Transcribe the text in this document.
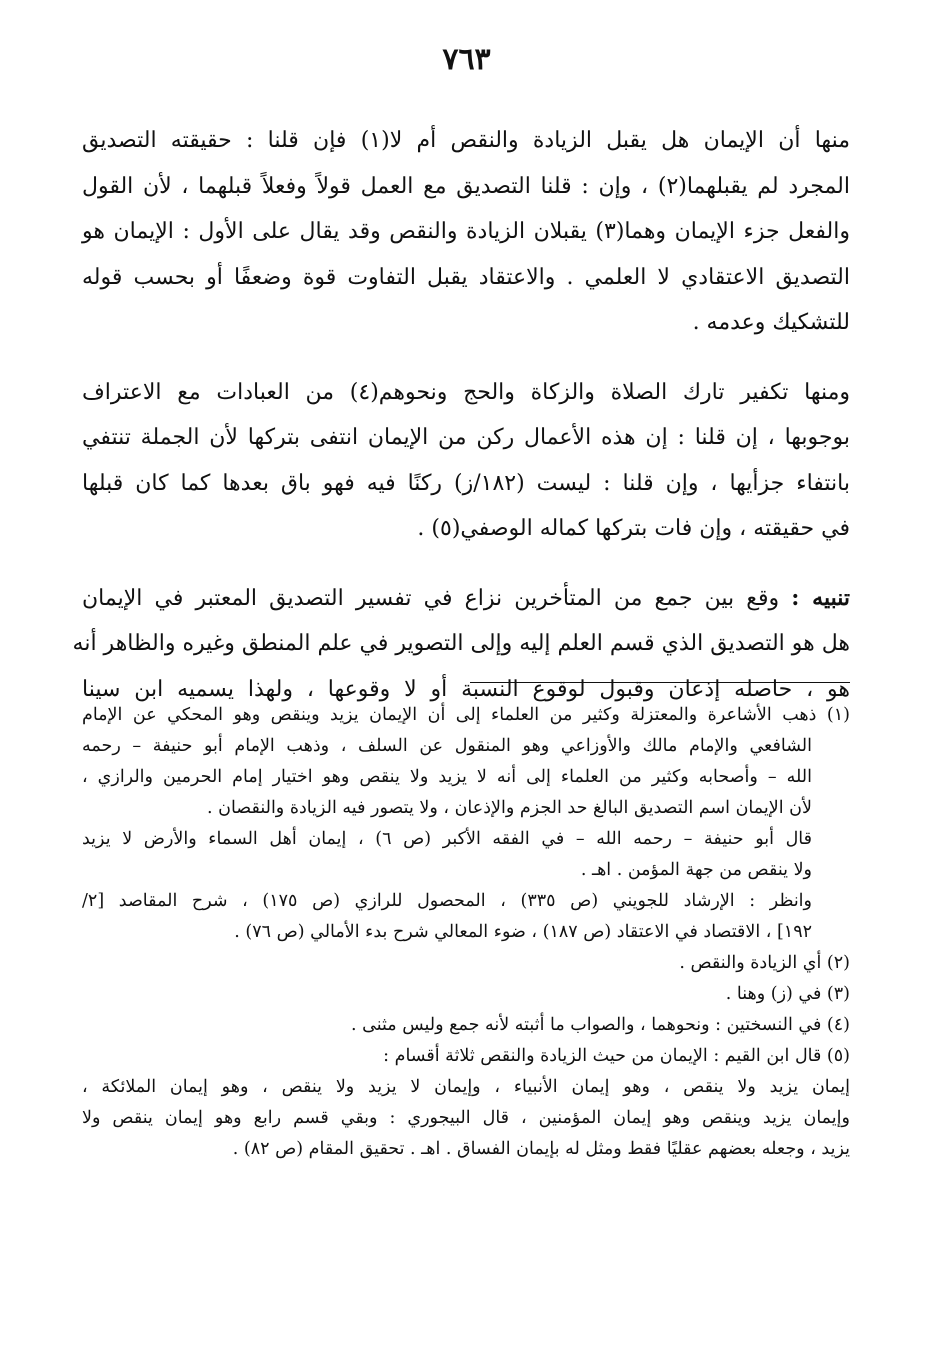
٧٦٣
منها أن الإيمان هل يقبل الزيادة والنقص أم لا(١) فإن قلنا : حقيقته التصديق
المجرد لم يقبلهما(٢) ، وإن : قلنا التصديق مع العمل قولاً وفعلاً قبلهما ، لأن القول
والفعل جزء الإيمان وهما(٣) يقبلان الزيادة والنقص وقد يقال على الأول : الإيمان هو
التصديق الاعتقادي لا العلمي . والاعتقاد يقبل التفاوت قوة وضعفًا أو بحسب قوله
للتشكيك وعدمه .
ومنها تكفير تارك الصلاة والزكاة والحج ونحوهم(٤) من العبادات مع الاعتراف
بوجوبها ، إن قلنا : إن هذه الأعمال ركن من الإيمان انتفى بتركها لأن الجملة تنتفي
بانتفاء جزأيها ، وإن قلنا : ليست (١٨٢/ز) ركنًا فيه فهو باق بعدها كما كان قبلها
في حقيقته ، وإن فات بتركها كماله الوصفي(٥) .
تنبيه : وقع بين جمع من المتأخرين نزاع في تفسير التصديق المعتبر في الإيمان
هل هو التصديق الذي قسم العلم إليه وإلى التصوير في علم المنطق وغيره والظاهر أنه
هو ، حاصله إذعان وقبول لوقوع النسبة أو لا وقوعها ، ولهذا يسميه ابن سينا
(١) ذهب الأشاعرة والمعتزلة وكثير من العلماء إلى أن الإيمان يزيد وينقص وهو المحكي عن الإمام
الشافعي والإمام مالك والأوزاعي وهو المنقول عن السلف ، وذهب الإمام أبو حنيفة – رحمه
الله – وأصحابه وكثير من العلماء إلى أنه لا يزيد ولا ينقص وهو اختيار إمام الحرمين والرازي ،
لأن الإيمان اسم التصديق البالغ حد الجزم والإذعان ، ولا يتصور فيه الزيادة والنقصان .
قال أبو حنيفة – رحمه الله – في الفقه الأكبر (ص ٦) ، إيمان أهل السماء والأرض لا يزيد
ولا ينقص من جهة المؤمن . اهـ .
وانظر : الإرشاد للجويني (ص ٣٣٥) ، المحصول للرازي (ص ١٧٥) ، شرح المقاصد [٢/
١٩٢] ، الاقتصاد في الاعتقاد (ص ١٨٧) ، ضوء المعالي شرح بدء الأمالي (ص ٧٦) .
(٢) أي الزيادة والنقص .
(٣) في (ز) وهنا .
(٤) في النسختين : ونحوهما ، والصواب ما أثبته لأنه جمع وليس مثنى .
(٥) قال ابن القيم : الإيمان من حيث الزيادة والنقص ثلاثة أقسام :
إيمان يزيد ولا ينقص ، وهو إيمان الأنبياء ، وإيمان لا يزيد ولا ينقص ، وهو إيمان الملائكة ،
وإيمان يزيد وينقص وهو إيمان المؤمنين ، قال البيجوري : وبقي قسم رابع وهو إيمان ينقص ولا
يزيد ، وجعله بعضهم عقليًا فقط ومثل له بإيمان الفساق . اهـ . تحقيق المقام (ص ٨٢) .
